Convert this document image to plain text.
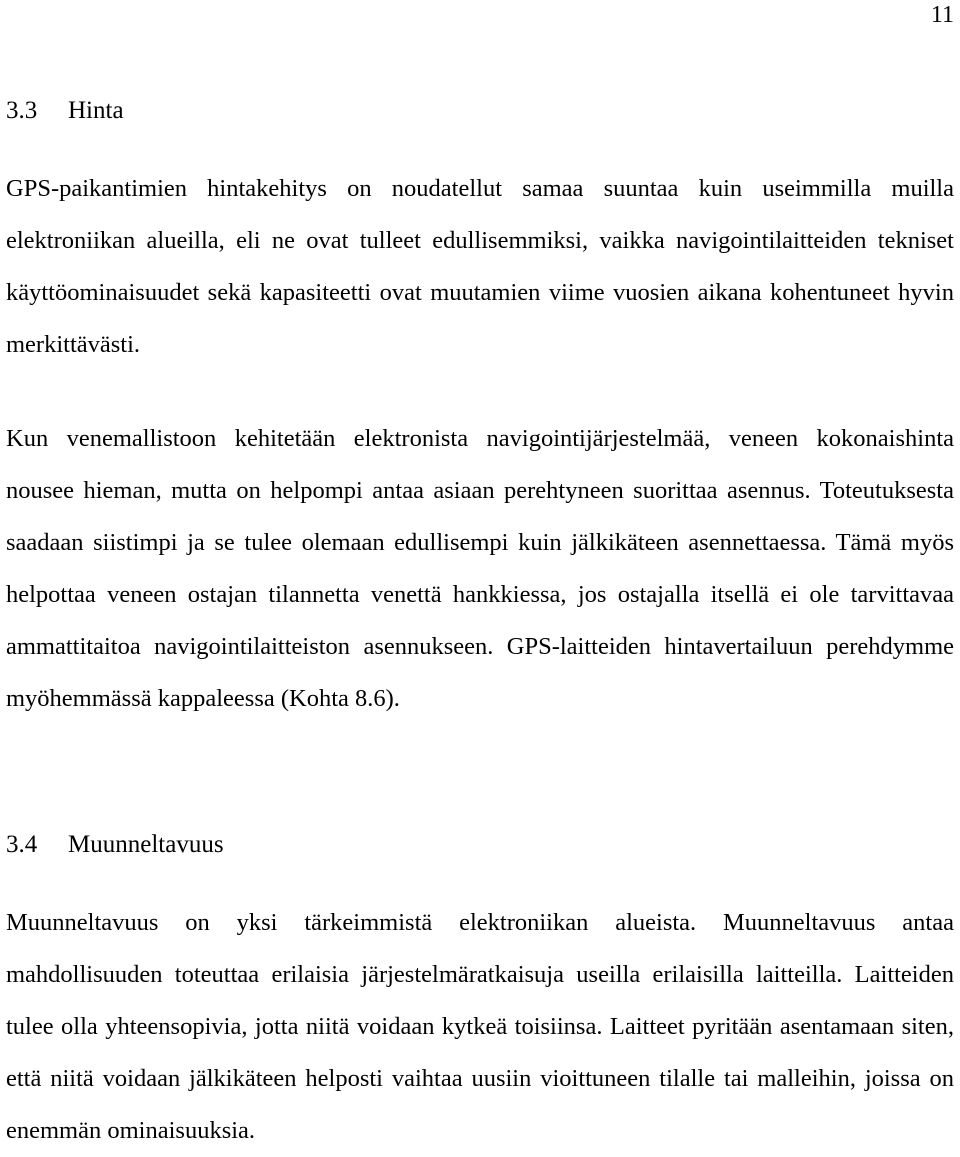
11
3.3 Hinta

GPS-paikantimien hintakehitys on noudatellut samaa suuntaa kuin useimmilla muilla elektroniikan alueilla, eli ne ovat tulleet edullisemmiksi, vaikka navigointilaitteiden tekniset käyttöominaisuudet sekä kapasiteetti ovat muutamien viime vuosien aikana kohentuneet hyvin merkittävästi.

Kun venemallistoon kehitetään elektronista navigointijärjestelmää, veneen kokonaishinta nousee hieman, mutta on helpompi antaa asiaan perehtyneen suorittaa asennus. Toteutuksesta saadaan siistimpi ja se tulee olemaan edullisempi kuin jälkikäteen asennettaessa. Tämä myös helpottaa veneen ostajan tilannetta venettä hankkiessa, jos ostajalla itsellä ei ole tarvittavaa ammattitaitoa navigointilaitteiston asennukseen. GPS-laitteiden hintavertailuun perehdymme myöhemmässä kappaleessa (Kohta 8.6).

3.4 Muunneltavuus

Muunneltavuus on yksi tärkeimmistä elektroniikan alueista. Muunneltavuus antaa mahdollisuuden toteuttaa erilaisia järjestelmäratkaisuja useilla erilaisilla laitteilla. Laitteiden tulee olla yhteensopivia, jotta niitä voidaan kytkeä toisiinsa. Laitteet pyritään asentamaan siten, että niitä voidaan jälkikäteen helposti vaihtaa uusiin vioittuneen tilalle tai malleihin, joissa on enemmän ominaisuuksia.
